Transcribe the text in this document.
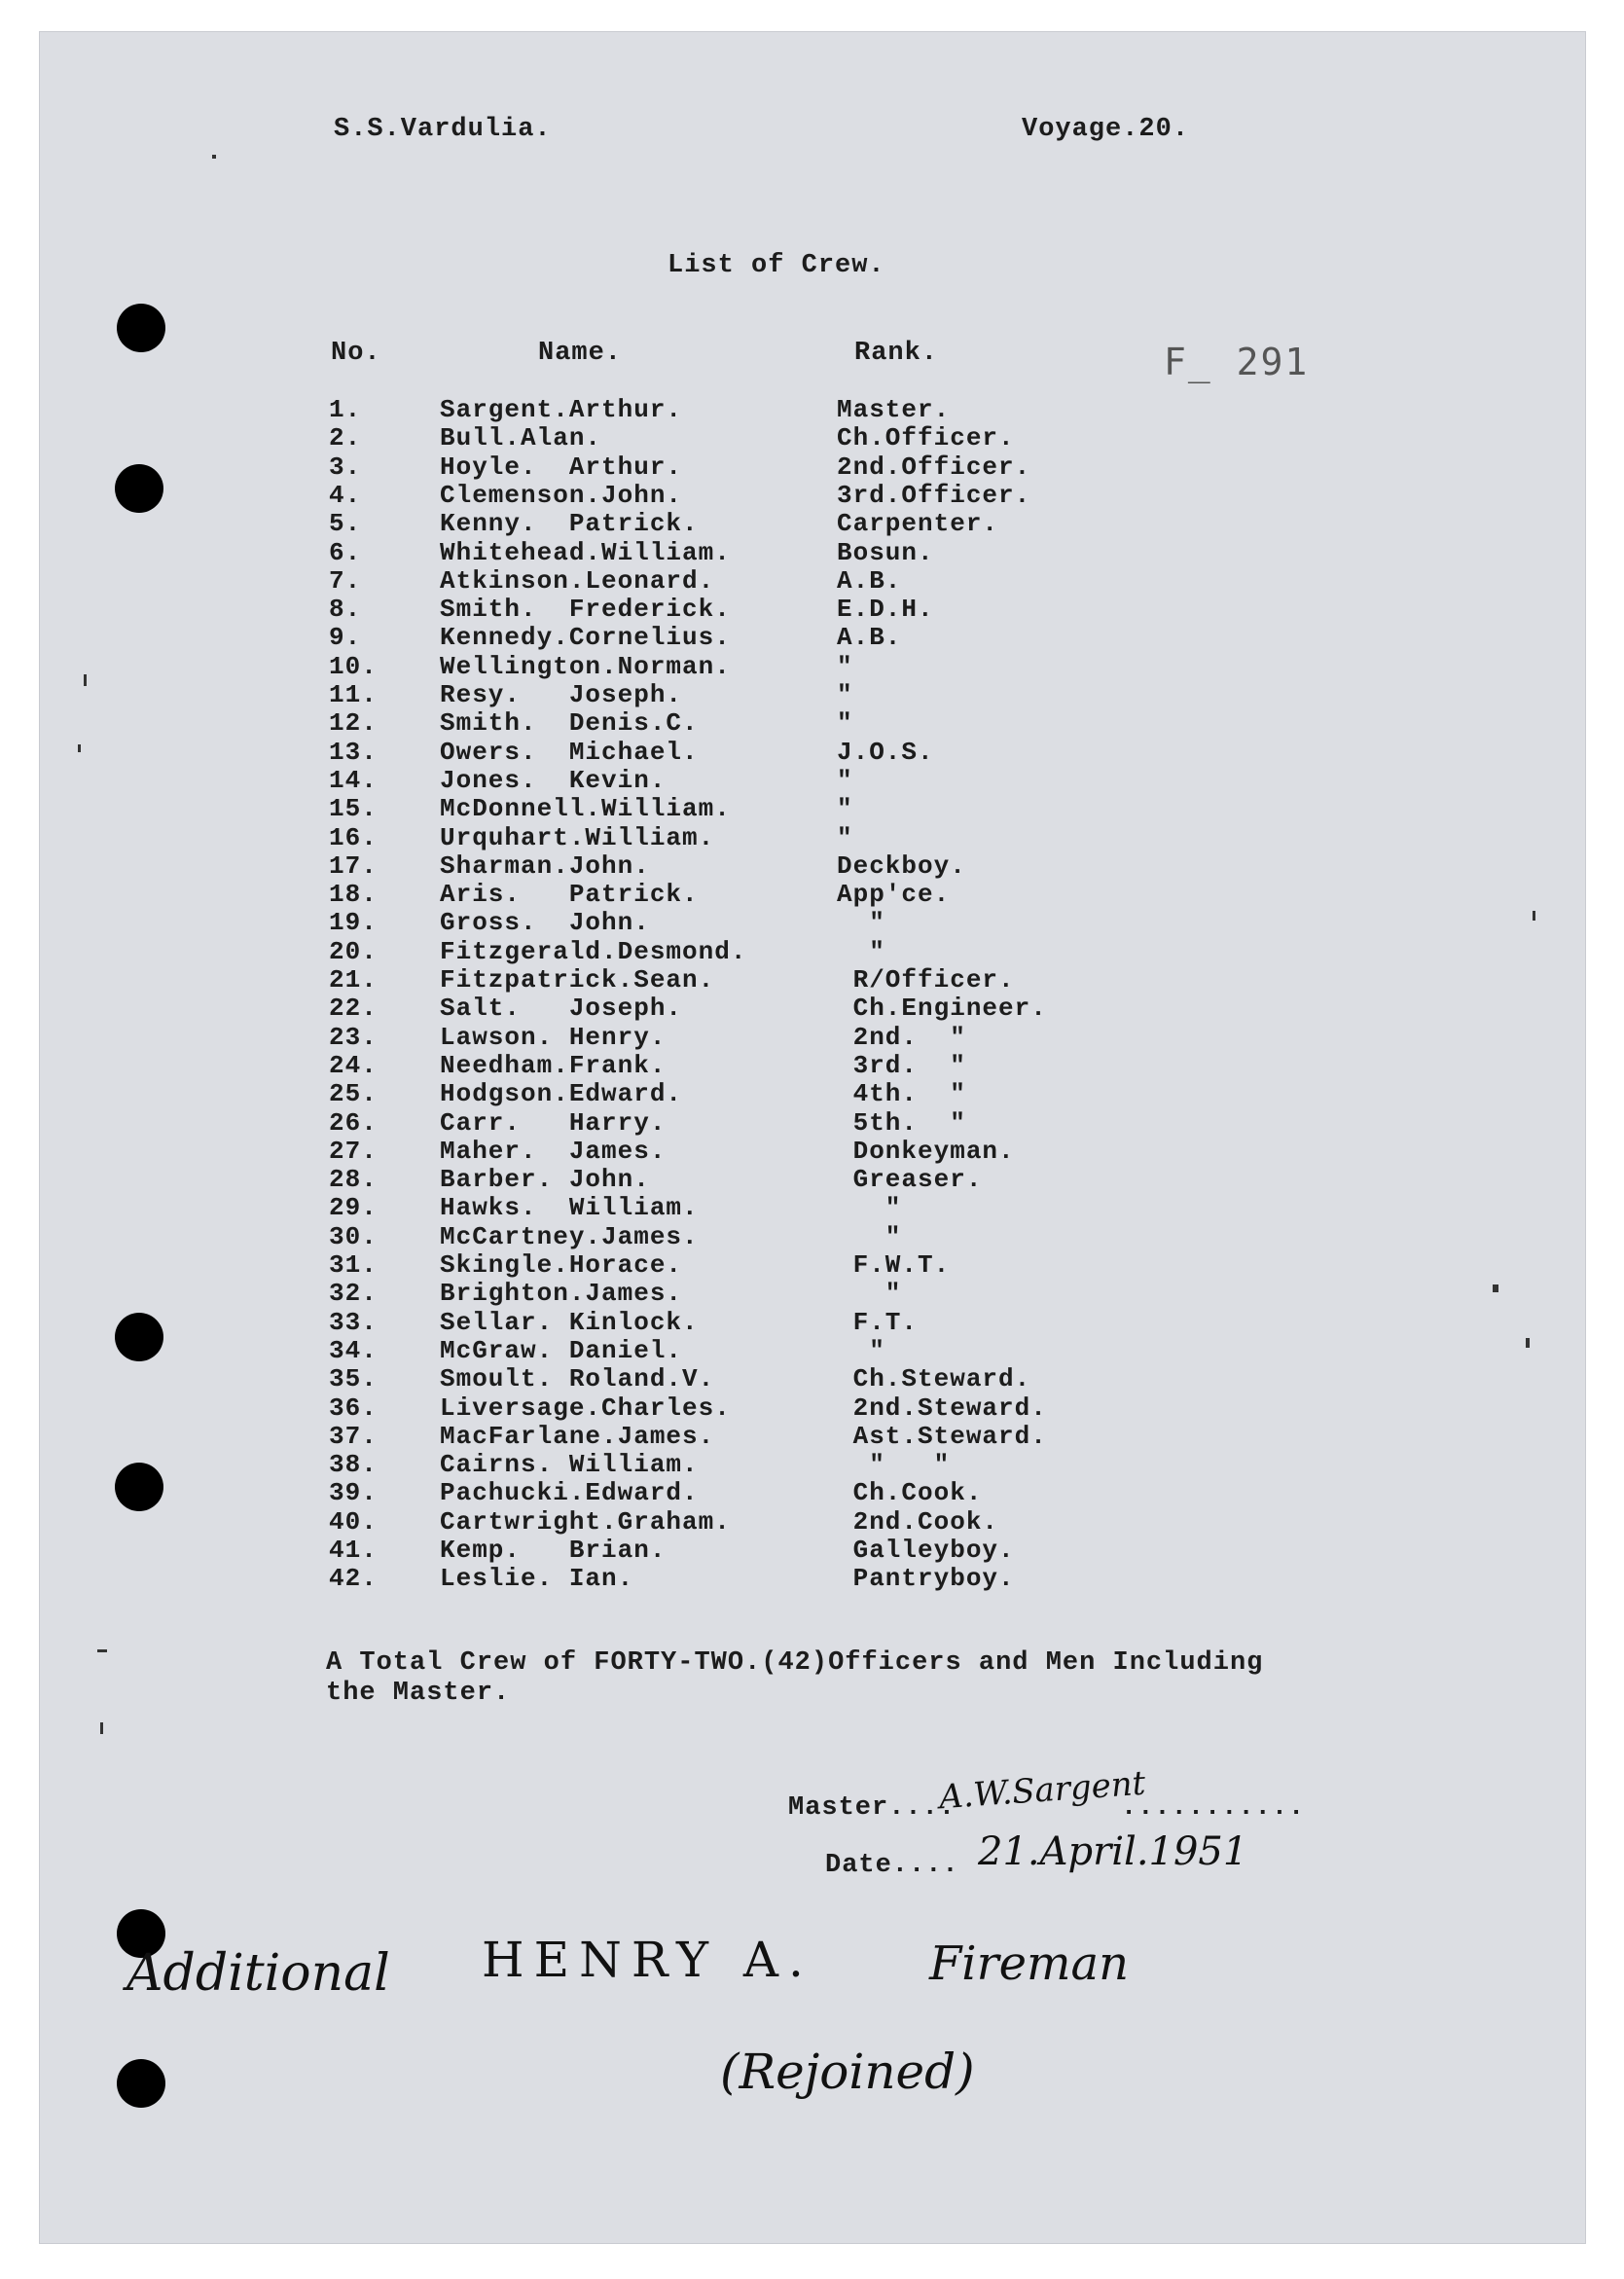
S.S.Vardulia.	Voyage.20.
List of Crew.
F_ 291
No.	Name.	Rank.
1.	Sargent.Arthur.	Master.
2.	Bull.Alan.	Ch.Officer.
3.	Hoyle.  Arthur.	2nd.Officer.
4.	Clemenson.John.	3rd.Officer.
5.	Kenny.  Patrick.	Carpenter.
6.	Whitehead.William.	Bosun.
7.	Atkinson.Leonard.	A.B.
8.	Smith.  Frederick.	E.D.H.
9.	Kennedy.Cornelius.	A.B.
10. Wellington.Norman.	"
11. Resy.   Joseph.	"
12. Smith.  Denis.C.	"
13. Owers.  Michael.	J.O.S.
14. Jones.  Kevin.	"
15. McDonnell.William.	"
16. Urquhart.William.	"
17. Sharman.John.	Deckboy.
18. Aris.   Patrick.	App'ce.
19. Gross.  John.	"
20. Fitzgerald.Desmond.	"
21. Fitzpatrick.Sean.	R/Officer.
22. Salt.   Joseph.	Ch.Engineer.
23. Lawson. Henry.	2nd.  "
24. Needham.Frank.	3rd.  "
25. Hodgson.Edward.	4th.  "
26. Carr.   Harry.	5th.  "
27. Maher.  James.	Donkeyman.
28. Barber. John.	Greaser.
29. Hawks.  William.	"
30. McCartney.James.	"
31. Skingle.Horace.	F.W.T.
32. Brighton.James.	"
33. Sellar. Kinlock.	F.T.
34. McGraw. Daniel.	"
35. Smoult. Roland.V.	Ch.Steward.
36. Liversage.Charles.	2nd.Steward.
37. MacFarlane.James.	Ast.Steward.
38. Cairns. William.	"   "
39. Pachucki.Edward.	Ch.Cook.
40. Cartwright.Graham.	2nd.Cook.
41. Kemp.   Brian.	Galleyboy.
42. Leslie. Ian.	Pantryboy.
A Total Crew of FORTY-TWO.(42)Officers and Men Including
the Master.
Master....	...........
A.W.Sargent
Date.... 21.April.1951
Additional HENRY A. Fireman
(Rejoined)
